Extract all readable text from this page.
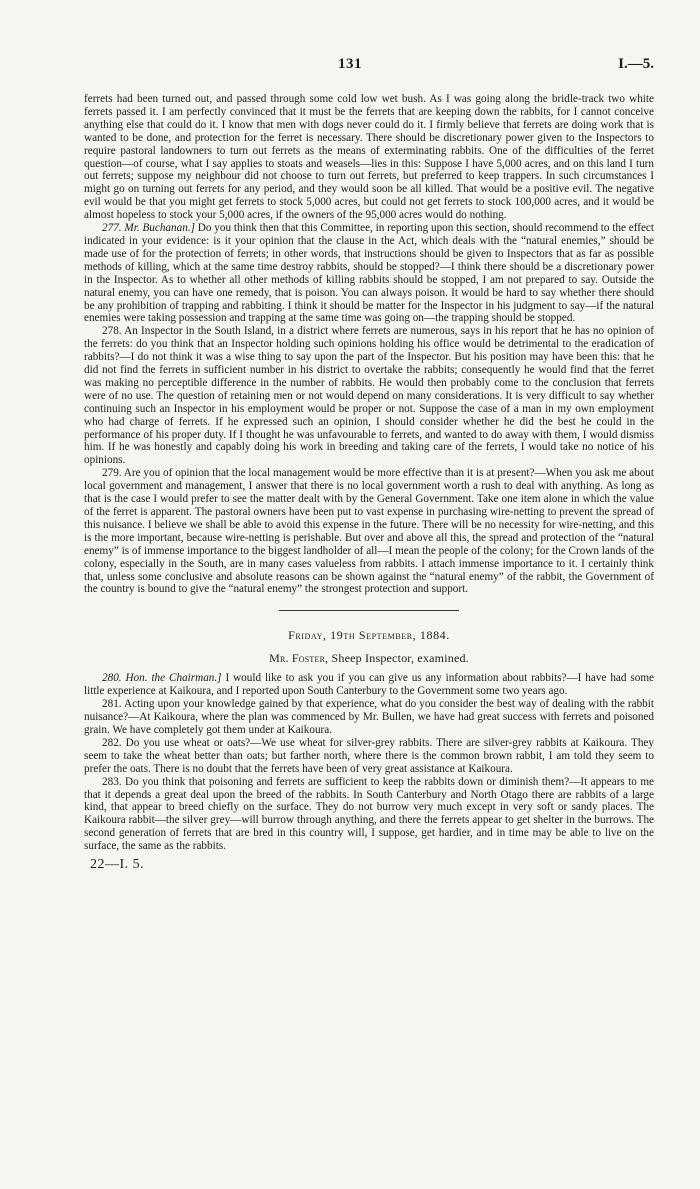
131	I.—5.

ferrets had been turned out, and passed through some cold low wet bush. As I was going along the bridle-track two white ferrets passed it. I am perfectly convinced that it must be the ferrets that are keeping down the rabbits, for I cannot conceive anything else that could do it. I know that men with dogs never could do it. I firmly believe that ferrets are doing work that is wanted to be done, and protection for the ferret is necessary. There should be discretionary power given to the Inspectors to require pastoral landowners to turn out ferrets as the means of exterminating rabbits. One of the difficulties of the ferret question—of course, what I say applies to stoats and weasels—lies in this: Suppose I have 5,000 acres, and on this land I turn out ferrets; suppose my neighbour did not choose to turn out ferrets, but preferred to keep trappers. In such circumstances I might go on turning out ferrets for any period, and they would soon be all killed. That would be a positive evil. The negative evil would be that you might get ferrets to stock 5,000 acres, but could not get ferrets to stock 100,000 acres, and it would be almost hopeless to stock your 5,000 acres, if the owners of the 95,000 acres would do nothing.

277. Mr. Buchanan.] Do you think then that this Committee, in reporting upon this section, should recommend to the effect indicated in your evidence: is it your opinion that the clause in the Act, which deals with the “natural enemies,” should be made use of for the protection of ferrets; in other words, that instructions should be given to Inspectors that as far as possible methods of killing, which at the same time destroy rabbits, should be stopped?—I think there should be a discretionary power in the Inspector. As to whether all other methods of killing rabbits should be stopped, I am not prepared to say. Outside the natural enemy, you can have one remedy, that is poison. You can always poison. It would be hard to say whether there should be any prohibition of trapping and rabbiting. I think it should be matter for the Inspector in his judgment to say—if the natural enemies were taking possession and trapping at the same time was going on—the trapping should be stopped.

278. An Inspector in the South Island, in a district where ferrets are numerous, says in his report that he has no opinion of the ferrets: do you think that an Inspector holding such opinions holding his office would be detrimental to the eradication of rabbits?—I do not think it was a wise thing to say upon the part of the Inspector. But his position may have been this: that he did not find the ferrets in sufficient number in his district to overtake the rabbits; consequently he would find that the ferret was making no perceptible difference in the number of rabbits. He would then probably come to the conclusion that ferrets were of no use. The question of retaining men or not would depend on many considerations. It is very difficult to say whether continuing such an Inspector in his employment would be proper or not. Suppose the case of a man in my own employment who had charge of ferrets. If he expressed such an opinion, I should consider whether he did the best he could in the performance of his proper duty. If I thought he was unfavourable to ferrets, and wanted to do away with them, I would dismiss him. If he was honestly and capably doing his work in breeding and taking care of the ferrets, I would take no notice of his opinions.

279. Are you of opinion that the local management would be more effective than it is at present?—When you ask me about local government and management, I answer that there is no local government worth a rush to deal with anything. As long as that is the case I would prefer to see the matter dealt with by the General Government. Take one item alone in which the value of the ferret is apparent. The pastoral owners have been put to vast expense in purchasing wire-netting to prevent the spread of this nuisance. I believe we shall be able to avoid this expense in the future. There will be no necessity for wire-netting, and this is the more important, because wire-netting is perishable. But over and above all this, the spread and protection of the “natural enemy” is of immense importance to the biggest landholder of all—I mean the people of the colony; for the Crown lands of the colony, especially in the South, are in many cases valueless from rabbits. I attach immense importance to it. I certainly think that, unless some conclusive and absolute reasons can be shown against the “natural enemy” of the rabbit, the Government of the country is bound to give the “natural enemy” the strongest protection and support.

Friday, 19th September, 1884.
Mr. Foster, Sheep Inspector, examined.

280. Hon. the Chairman.] I would like to ask you if you can give us any information about rabbits?—I have had some little experience at Kaikoura, and I reported upon South Canterbury to the Government some two years ago.

281. Acting upon your knowledge gained by that experience, what do you consider the best way of dealing with the rabbit nuisance?—At Kaikoura, where the plan was commenced by Mr. Bullen, we have had great success with ferrets and poisoned grain. We have completely got them under at Kaikoura.

282. Do you use wheat or oats?—We use wheat for silver-grey rabbits. There are silver-grey rabbits at Kaikoura. They seem to take the wheat better than oats; but farther north, where there is the common brown rabbit, I am told they seem to prefer the oats. There is no doubt that the ferrets have been of very great assistance at Kaikoura.

283. Do you think that poisoning and ferrets are sufficient to keep the rabbits down or diminish them?—It appears to me that it depends a great deal upon the breed of the rabbits. In South Canterbury and North Otago there are rabbits of a large kind, that appear to breed chiefly on the surface. They do not burrow very much except in very soft or sandy places. The Kaikoura rabbit—the silver grey—will burrow through anything, and there the ferrets appear to get shelter in the burrows. The second generation of ferrets that are bred in this country will, I suppose, get hardier, and in time may be able to live on the surface, the same as the rabbits.

22—I. 5.
